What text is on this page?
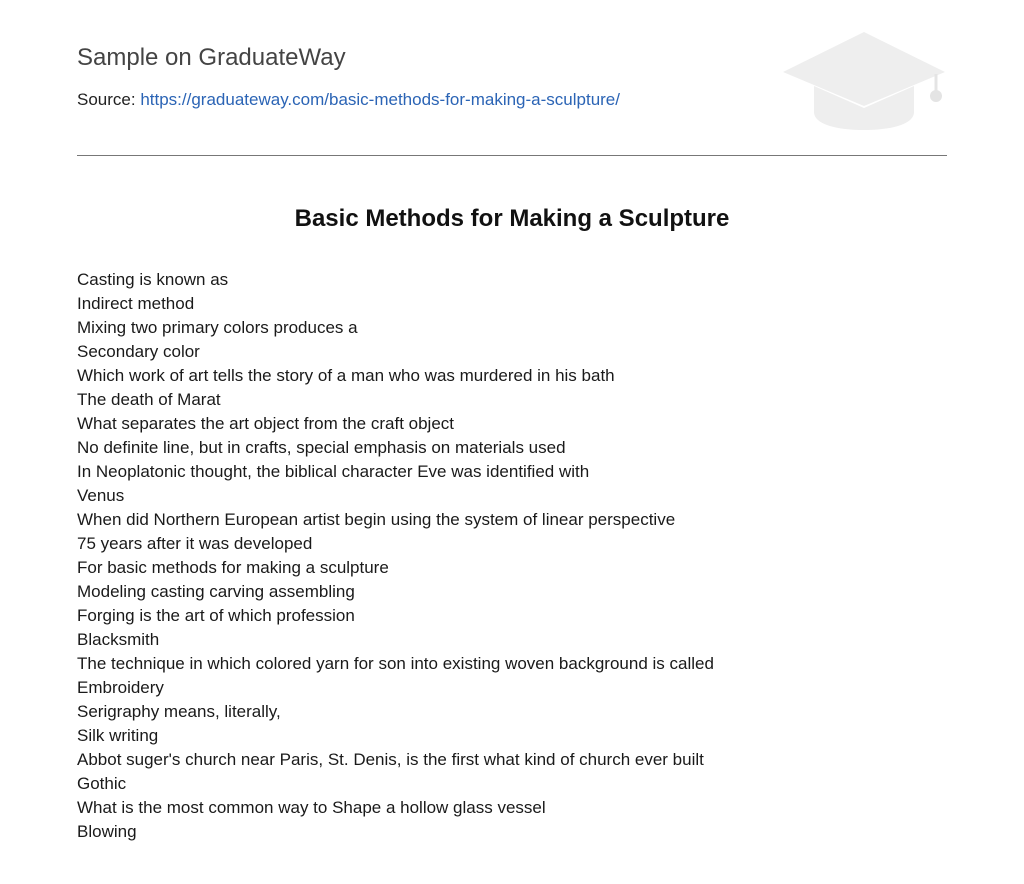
Sample on GraduateWay
Source: https://graduateway.com/basic-methods-for-making-a-sculpture/
Basic Methods for Making a Sculpture
Casting is known as
Indirect method
Mixing two primary colors produces a
Secondary color
Which work of art tells the story of a man who was murdered in his bath
The death of Marat
What separates the art object from the craft object
No definite line, but in crafts, special emphasis on materials used
In Neoplatonic thought, the biblical character Eve was identified with
Venus
When did Northern European artist begin using the system of linear perspective
75 years after it was developed
For basic methods for making a sculpture
Modeling casting carving assembling
Forging is the art of which profession
Blacksmith
The technique in which colored yarn for son into existing woven background is called
Embroidery
Serigraphy means, literally,
Silk writing
Abbot suger's church near Paris, St. Denis, is the first what kind of church ever built
Gothic
What is the most common way to Shape a hollow glass vessel
Blowing
